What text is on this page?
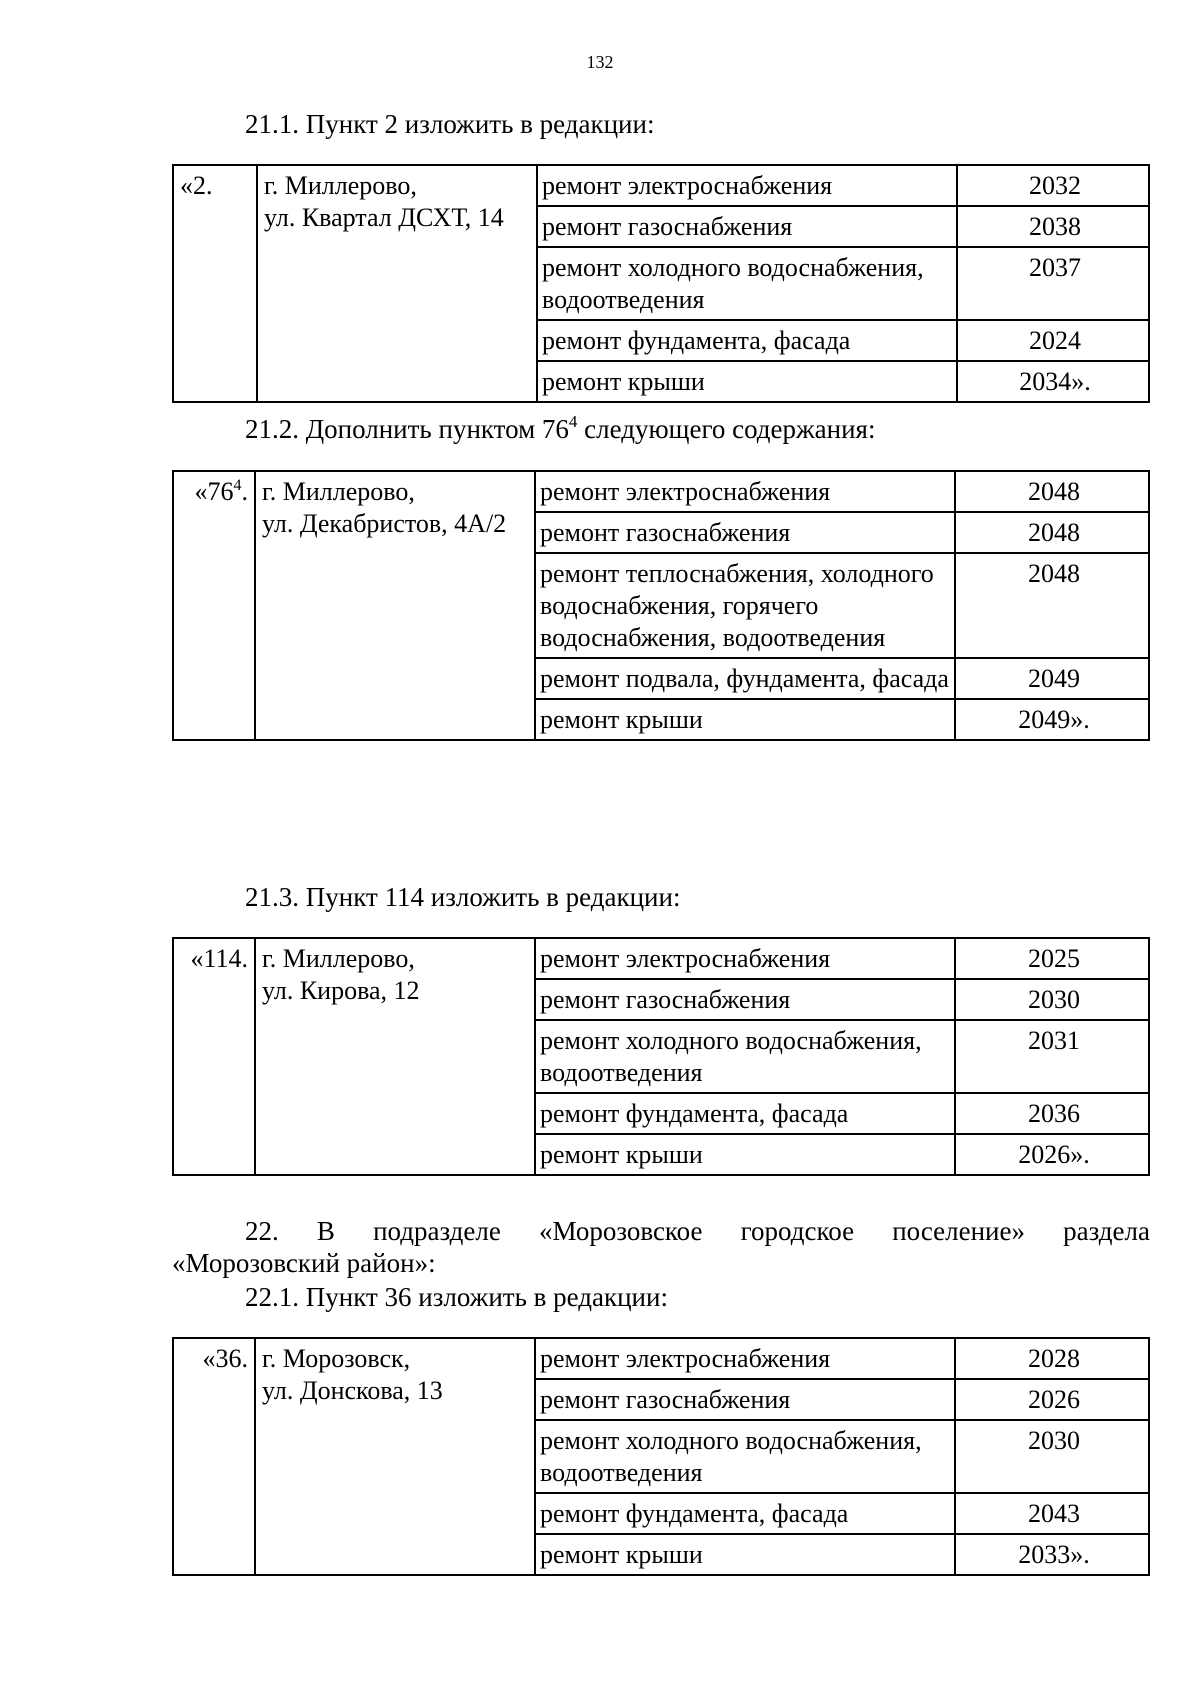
132
21.1. Пункт 2 изложить в редакции:
«2.	г. Миллерово,
ул. Квартал ДСХТ, 14	ремонт электроснабжения	2032
		ремонт газоснабжения	2038
		ремонт холодного водоснабжения, водоотведения	2037
		ремонт фундамента, фасада	2024
		ремонт крыши	2034».
21.2. Дополнить пунктом $76^4$ следующего содержания:
«$76^4$.	г. Миллерово,
ул. Декабристов, 4А/2	ремонт электроснабжения	2048
		ремонт газоснабжения	2048
		ремонт теплоснабжения, холодного водоснабжения, горячего водоснабжения, водоотведения	2048
		ремонт подвала, фундамента, фасада	2049
		ремонт крыши	2049».
21.3. Пункт 114 изложить в редакции:
«114.	г. Миллерово,
ул. Кирова, 12	ремонт электроснабжения	2025
		ремонт газоснабжения	2030
		ремонт холодного водоснабжения, водоотведения	2031
		ремонт фундамента, фасада	2036
		ремонт крыши	2026».
22. В подразделе «Морозовское городское поселение» раздела
«Морозовский район»:
22.1. Пункт 36 изложить в редакции:
«36.	г. Морозовск,
ул. Донскова, 13	ремонт электроснабжения	2028
		ремонт газоснабжения	2026
		ремонт холодного водоснабжения, водоотведения	2030
		ремонт фундамента, фасада	2043
		ремонт крыши	2033».
